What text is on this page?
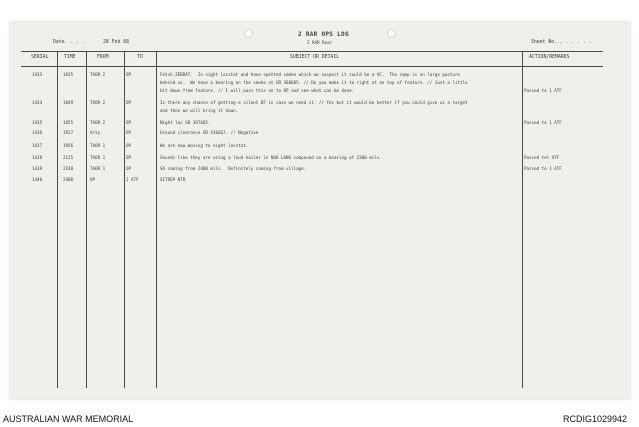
Date. . . .	28 Feb 68
2 RAR OPS LOG
2 RAR Rear	Sheet No. . . . . . .
SERIAL	TIME	FROM	TO	SUBJECT OR DETAIL	ACTION/REMARKS
1433	1835	TAOR 2	OP	Fetch ZEBRAT.  In night locstat and have spotted smoke which we suspect it could be a VC.  The camp is on large pasture
behind us.  We have a bearing on the smoke at GR 360665. // Do you make it to right at on top of feature. // Just a little
bit down from feature. // I will pass this on to OP and see what can be done.	Passed to 1 ATF
1434	1849	TAOR 2	OP	Is there any chance of getting a silent DF in case we need it. // Yes but it would be better if you could give us a target
and then we will bring it down.
1435	1855	TAOR 2	OP	Night loc GR 397665.	Passed to 1 ATF
1436	1927	Arty	OP	Ground clearance GR 416667. // Negative
1437	1956	TAOR 1	OP	We are now moving to night locstat.
1438	2125	TAOR 1	OP	Sounds like they are using a loud hailer in NUA LONG compound on a bearing of 2300 mils.	Passed tel ATF
1439	2240	TAOR 1	OP	SA coming from 2400 mils.  Definitely coming from village.	Passed to 1 ATF
1440	2400	OP	1 ATF	SITREP NTR
AUSTRALIAN WAR MEMORIAL	RCDIG1029942
